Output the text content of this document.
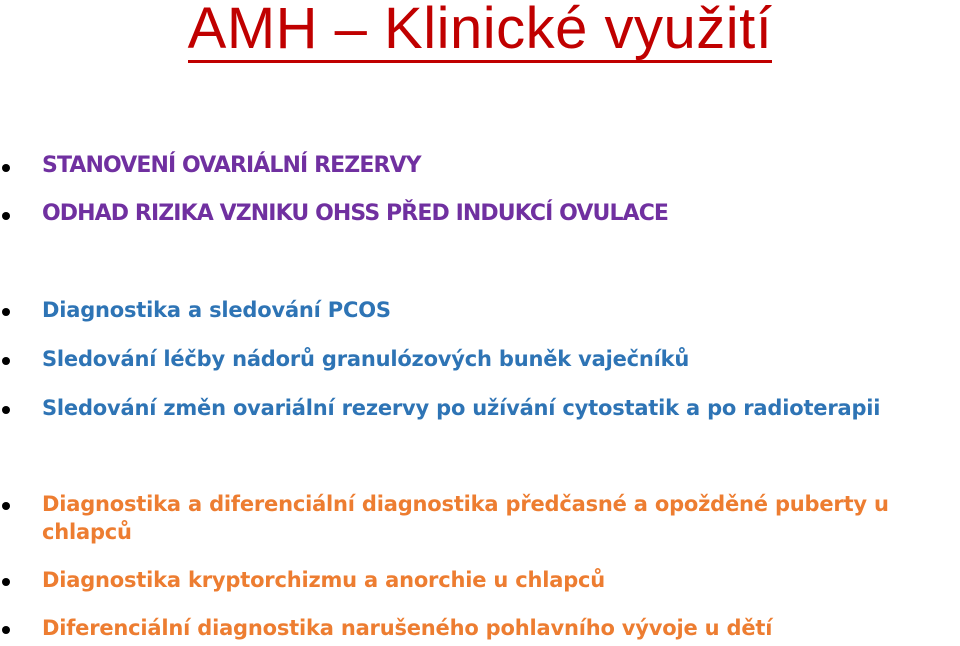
AMH – Klinické využití
STANOVENÍ OVARIÁLNÍ REZERVY
ODHAD RIZIKA VZNIKU OHSS PŘED INDUKCÍ OVULACE
Diagnostika a sledování PCOS
Sledování léčby nádorů granulózových buněk vaječníků
Sledování změn ovariální rezervy po užívání cytostatik a po radioterapii
Diagnostika a diferenciální diagnostika předčasné a opožděné puberty u chlapců
Diagnostika kryptorchizmu a anorchie u chlapců
Diferenciální diagnostika narušeného pohlavního vývoje u dětí
